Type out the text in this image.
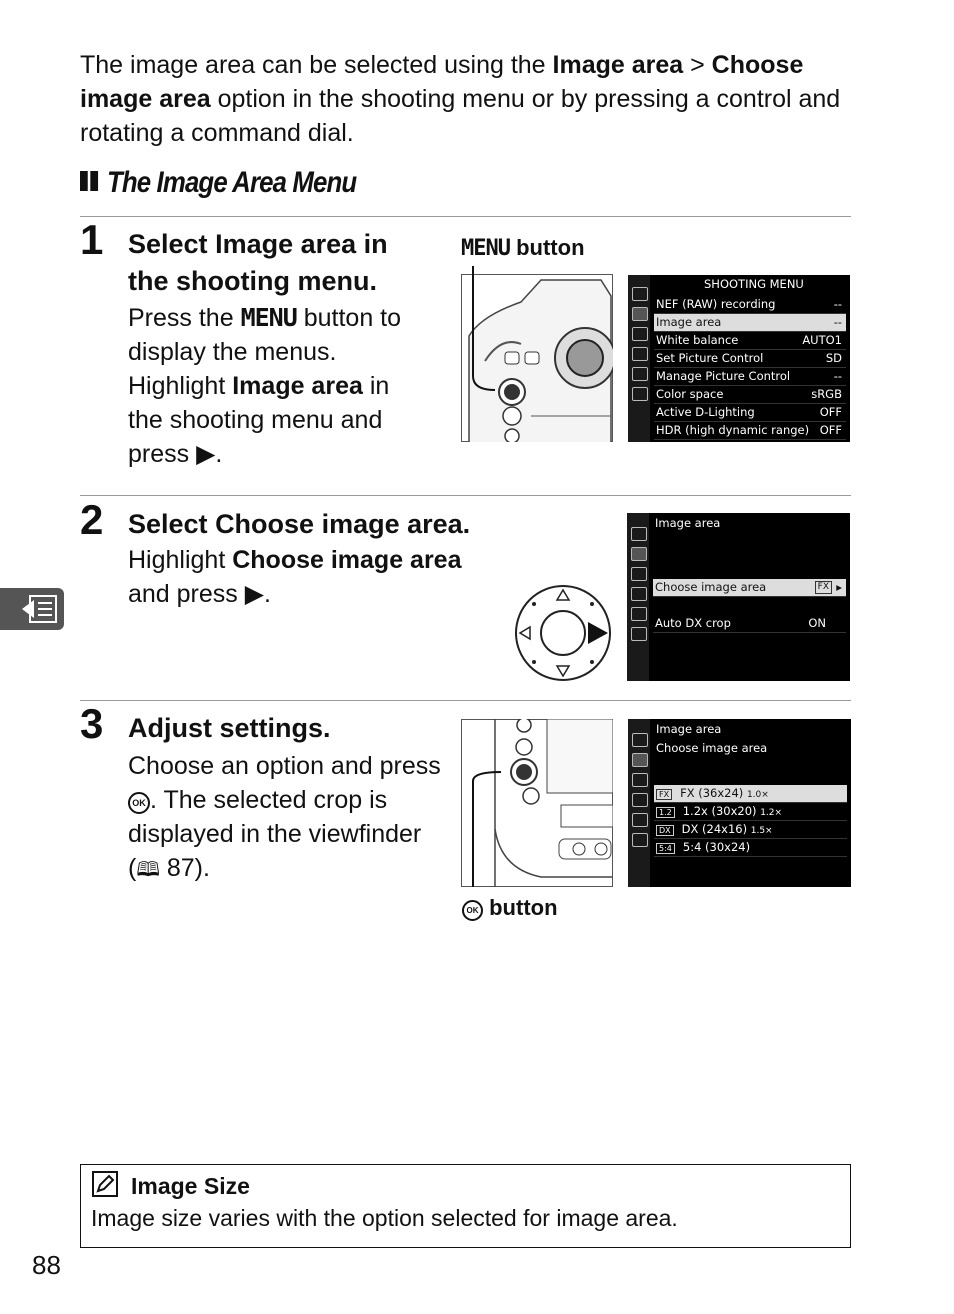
The image area can be selected using the Image area > Choose image area option in the shooting menu or by pressing a control and rotating a command dial.
The Image Area Menu
1 Select Image area in the shooting menu.
Press the MENU button to display the menus. Highlight Image area in the shooting menu and press ▶.
MENU button
SHOOTING MENU
NEF (RAW) recording	--
Image area	--
White balance	AUTO1
Set Picture Control	SD
Manage Picture Control	--
Color space	sRGB
Active D-Lighting	OFF
HDR (high dynamic range) OFF
2 Select Choose image area.
Highlight Choose image area and press ▶.
Image area
Choose image area	FX ▸
Auto DX crop	ON
3 Adjust settings.
Choose an option and press OK . The selected crop is displayed in the viewfinder (🕮 87).
Image area
Choose image area
FX FX (36x24) 1.0×
1.2 1.2x (30x20) 1.2×
DX DX (24x16) 1.5×
5:4 5:4 (30x24)
OK button
Image Size
Image size varies with the option selected for image area.
88
